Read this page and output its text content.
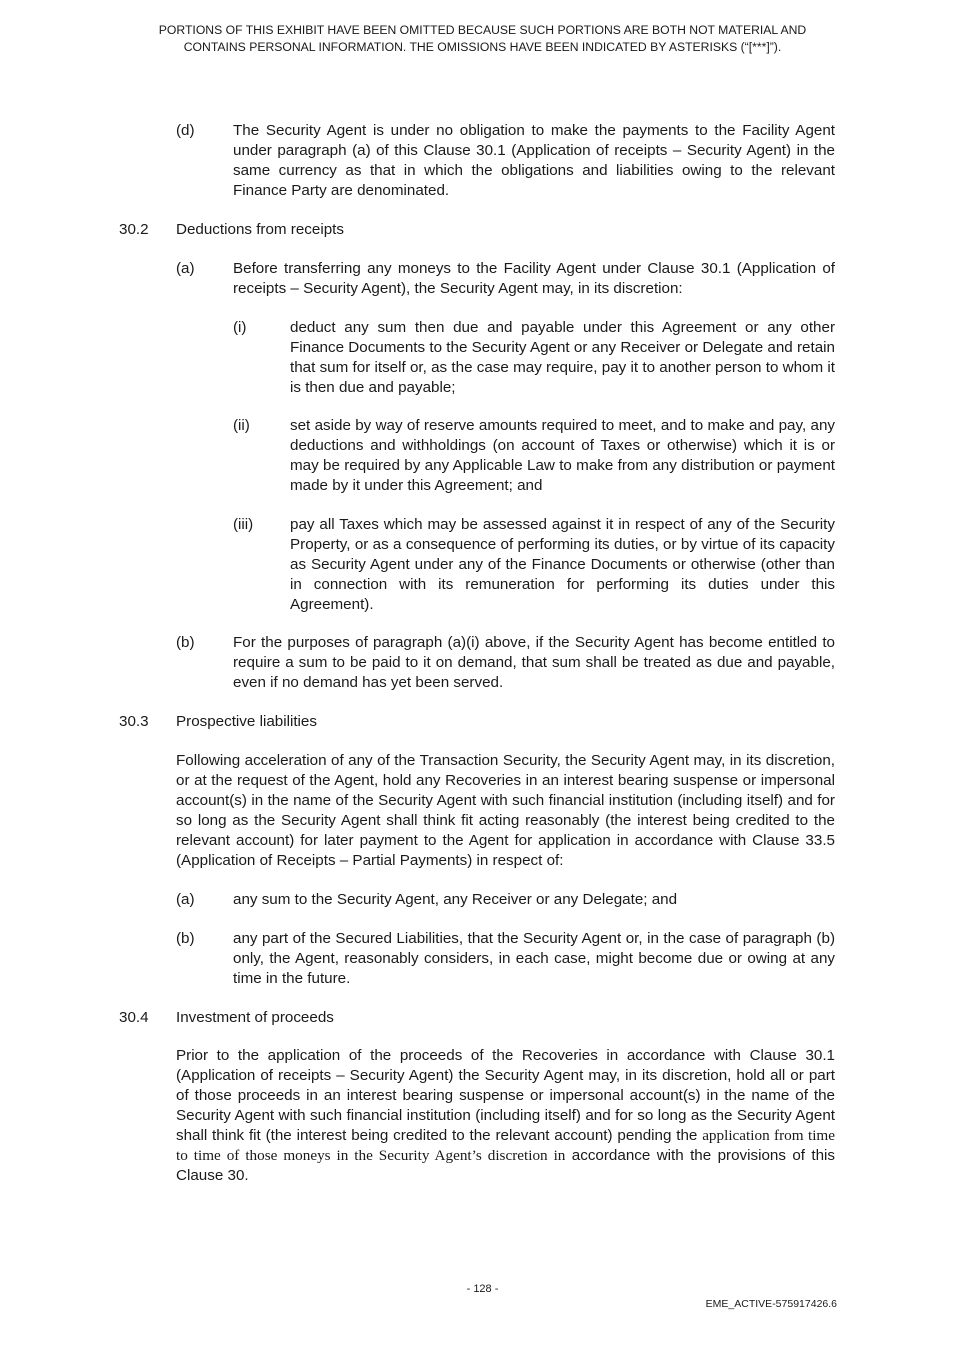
PORTIONS OF THIS EXHIBIT HAVE BEEN OMITTED BECAUSE SUCH PORTIONS ARE BOTH NOT MATERIAL AND
CONTAINS PERSONAL INFORMATION. THE OMISSIONS HAVE BEEN INDICATED BY ASTERISKS (“[***]”).
(d)	The Security Agent is under no obligation to make the payments to the Facility Agent under paragraph (a) of this Clause 30.1 (Application of receipts – Security Agent) in the same currency as that in which the obligations and liabilities owing to the relevant Finance Party are denominated.
30.2 Deductions from receipts
(a)	Before transferring any moneys to the Facility Agent under Clause 30.1 (Application of receipts – Security Agent), the Security Agent may, in its discretion:
(i)	deduct any sum then due and payable under this Agreement or any other Finance Documents to the Security Agent or any Receiver or Delegate and retain that sum for itself or, as the case may require, pay it to another person to whom it is then due and payable;
(ii)	set aside by way of reserve amounts required to meet, and to make and pay, any deductions and withholdings (on account of Taxes or otherwise) which it is or may be required by any Applicable Law to make from any distribution or payment made by it under this Agreement; and
(iii) pay all Taxes which may be assessed against it in respect of any of the Security Property, or as a consequence of performing its duties, or by virtue of its capacity as Security Agent under any of the Finance Documents or otherwise (other than in connection with its remuneration for performing its duties under this Agreement).
(b)	For the purposes of paragraph (a)(i) above, if the Security Agent has become entitled to require a sum to be paid to it on demand, that sum shall be treated as due and payable, even if no demand has yet been served.
30.3 Prospective liabilities
Following acceleration of any of the Transaction Security, the Security Agent may, in its discretion, or at the request of the Agent, hold any Recoveries in an interest bearing suspense or impersonal account(s) in the name of the Security Agent with such financial institution (including itself) and for so long as the Security Agent shall think fit acting reasonably (the interest being credited to the relevant account) for later payment to the Agent for application in accordance with Clause 33.5 (Application of Receipts – Partial Payments) in respect of:
(a)	any sum to the Security Agent, any Receiver or any Delegate; and
(b)	any part of the Secured Liabilities, that the Security Agent or, in the case of paragraph (b) only, the Agent, reasonably considers, in each case, might become due or owing at any time in the future.
30.4 Investment of proceeds
Prior to the application of the proceeds of the Recoveries in accordance with Clause 30.1 (Application of receipts – Security Agent) the Security Agent may, in its discretion, hold all or part of those proceeds in an interest bearing suspense or impersonal account(s) in the name of the Security Agent with such financial institution (including itself) and for so long as the Security Agent shall think fit (the interest being credited to the relevant account) pending the application from time to time of those moneys in the Security Agent’s discretion in accordance with the provisions of this Clause 30.
- 128 -
EME_ACTIVE-575917426.6
